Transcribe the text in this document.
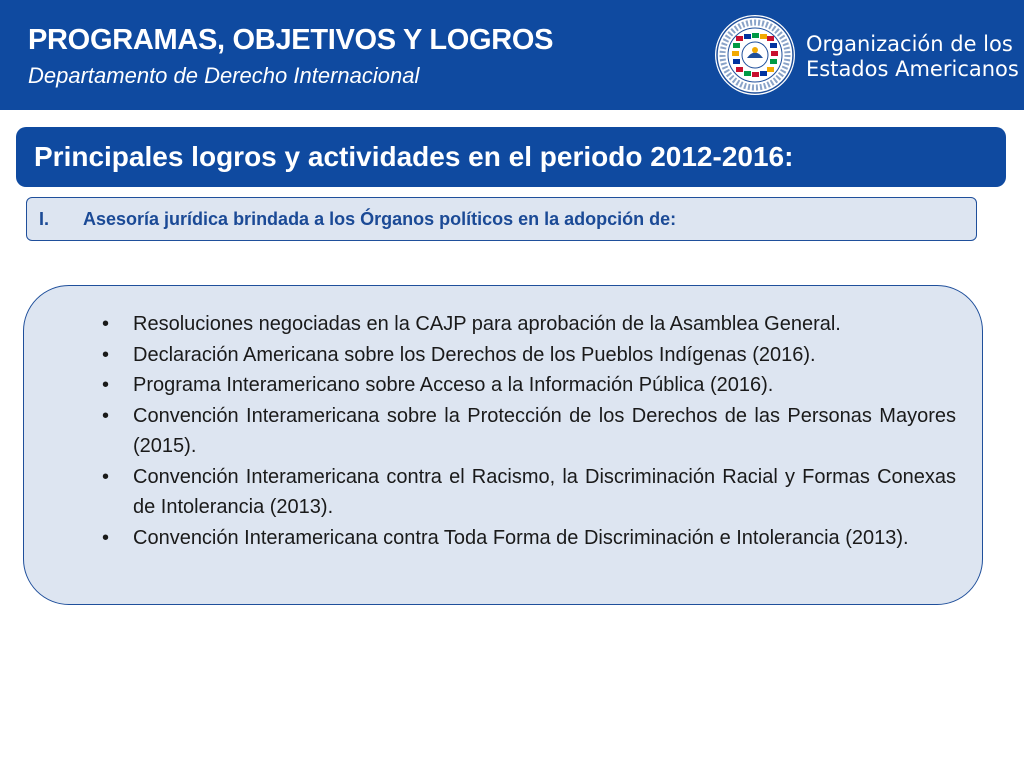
PROGRAMAS, OBJETIVOS Y LOGROS
Departamento de Derecho Internacional
Organización de los
Estados Americanos
Principales logros y actividades en el periodo 2012-2016:
I. Asesoría jurídica brindada a los Órganos políticos en la adopción de:
• Resoluciones negociadas en la CAJP para aprobación de la Asamblea General.
• Declaración Americana sobre los Derechos de los Pueblos Indígenas (2016).
• Programa Interamericano sobre Acceso a la Información Pública (2016).
• Convención Interamericana sobre la Protección de los Derechos de las Personas Mayores (2015).
• Convención Interamericana contra el Racismo, la Discriminación Racial y Formas Conexas de Intolerancia (2013).
• Convención Interamericana contra Toda Forma de Discriminación e Intolerancia (2013).
